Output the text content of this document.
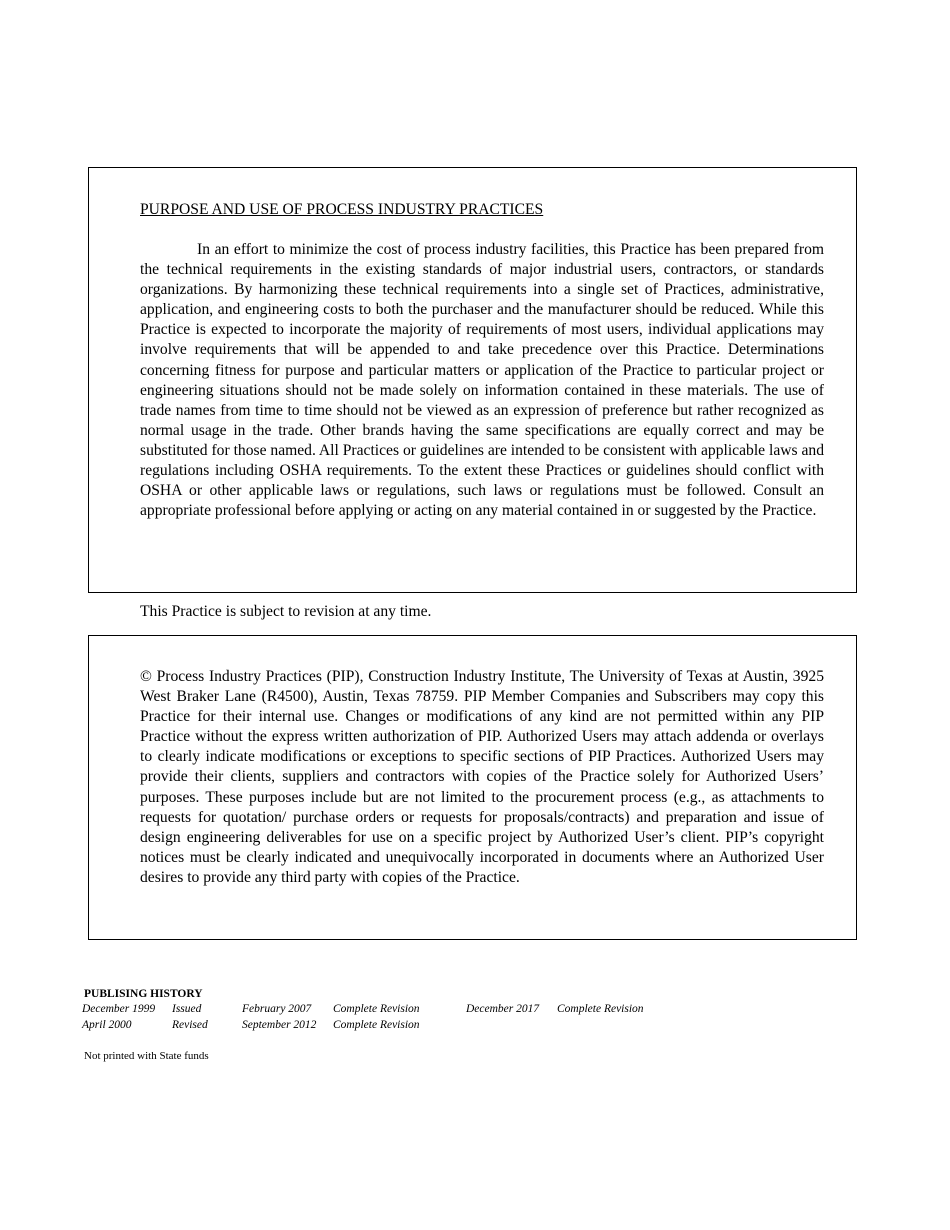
PURPOSE AND USE OF PROCESS INDUSTRY PRACTICES

In an effort to minimize the cost of process industry facilities, this Practice has been prepared from the technical requirements in the existing standards of major industrial users, contractors, or standards organizations. By harmonizing these technical requirements into a single set of Practices, administrative, application, and engineering costs to both the purchaser and the manufacturer should be reduced. While this Practice is expected to incorporate the majority of requirements of most users, individual applications may involve requirements that will be appended to and take precedence over this Practice. Determinations concerning fitness for purpose and particular matters or application of the Practice to particular project or engineering situations should not be made solely on information contained in these materials. The use of trade names from time to time should not be viewed as an expression of preference but rather recognized as normal usage in the trade. Other brands having the same specifications are equally correct and may be substituted for those named. All Practices or guidelines are intended to be consistent with applicable laws and regulations including OSHA requirements. To the extent these Practices or guidelines should conflict with OSHA or other applicable laws or regulations, such laws or regulations must be followed. Consult an appropriate professional before applying or acting on any material contained in or suggested by the Practice.

This Practice is subject to revision at any time.

© Process Industry Practices (PIP), Construction Industry Institute, The University of Texas at Austin, 3925 West Braker Lane (R4500), Austin, Texas 78759. PIP Member Companies and Subscribers may copy this Practice for their internal use. Changes or modifications of any kind are not permitted within any PIP Practice without the express written authorization of PIP. Authorized Users may attach addenda or overlays to clearly indicate modifications or exceptions to specific sections of PIP Practices. Authorized Users may provide their clients, suppliers and contractors with copies of the Practice solely for Authorized Users’ purposes. These purposes include but are not limited to the procurement process (e.g., as attachments to requests for quotation/ purchase orders or requests for proposals/contracts) and preparation and issue of design engineering deliverables for use on a specific project by Authorized User’s client. PIP’s copyright notices must be clearly indicated and unequivocally incorporated in documents where an Authorized User desires to provide any third party with copies of the Practice.

PUBLISING HISTORY
December 1999 Issued
April 2000	Revised
February 2007 Complete Revision
September 2012 Complete Revision
December 2017 Complete Revision
Not printed with State funds
